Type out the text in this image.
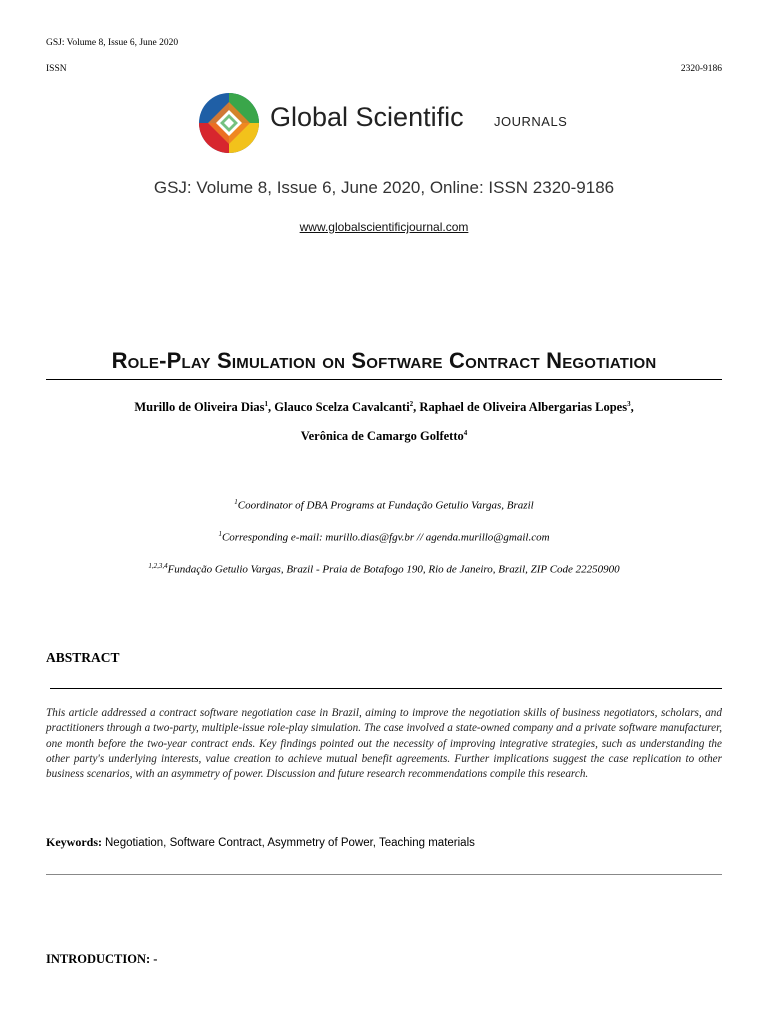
GSJ: Volume 8, Issue 6, June 2020
ISSN	2320-9186
Global Scientific JOURNALS
GSJ: Volume 8, Issue 6, June 2020, Online: ISSN 2320-9186
www.globalscientificjournal.com
Role-Play Simulation on Software Contract Negotiation
Murillo de Oliveira Dias$^1$, Glauco Scelza Cavalcanti$^2$, Raphael de Oliveira Albergarias Lopes$^3$,
Verônica de Camargo Golfetto$^4$
$^1$Coordinator of DBA Programs at Fundação Getulio Vargas, Brazil
$^1$Corresponding e-mail: murillo.dias@fgv.br // agenda.murillo@gmail.com
$^{1,2,3,4}$Fundação Getulio Vargas, Brazil - Praia de Botafogo 190, Rio de Janeiro, Brazil, ZIP Code 22250900
ABSTRACT
This article addressed a contract software negotiation case in Brazil, aiming to improve the negotiation skills of business negotiators, scholars, and practitioners through a two-party, multiple-issue role-play simulation. The case involved a state-owned company and a private software manufacturer, one month before the two-year contract ends. Key findings pointed out the necessity of improving integrative strategies, such as understanding the other party's underlying interests, value creation to achieve mutual benefit agreements. Further implications suggest the case replication to other business scenarios, with an asymmetry of power. Discussion and future research recommendations compile this research.
Keywords: Negotiation, Software Contract, Asymmetry of Power, Teaching materials
INTRODUCTION: -
